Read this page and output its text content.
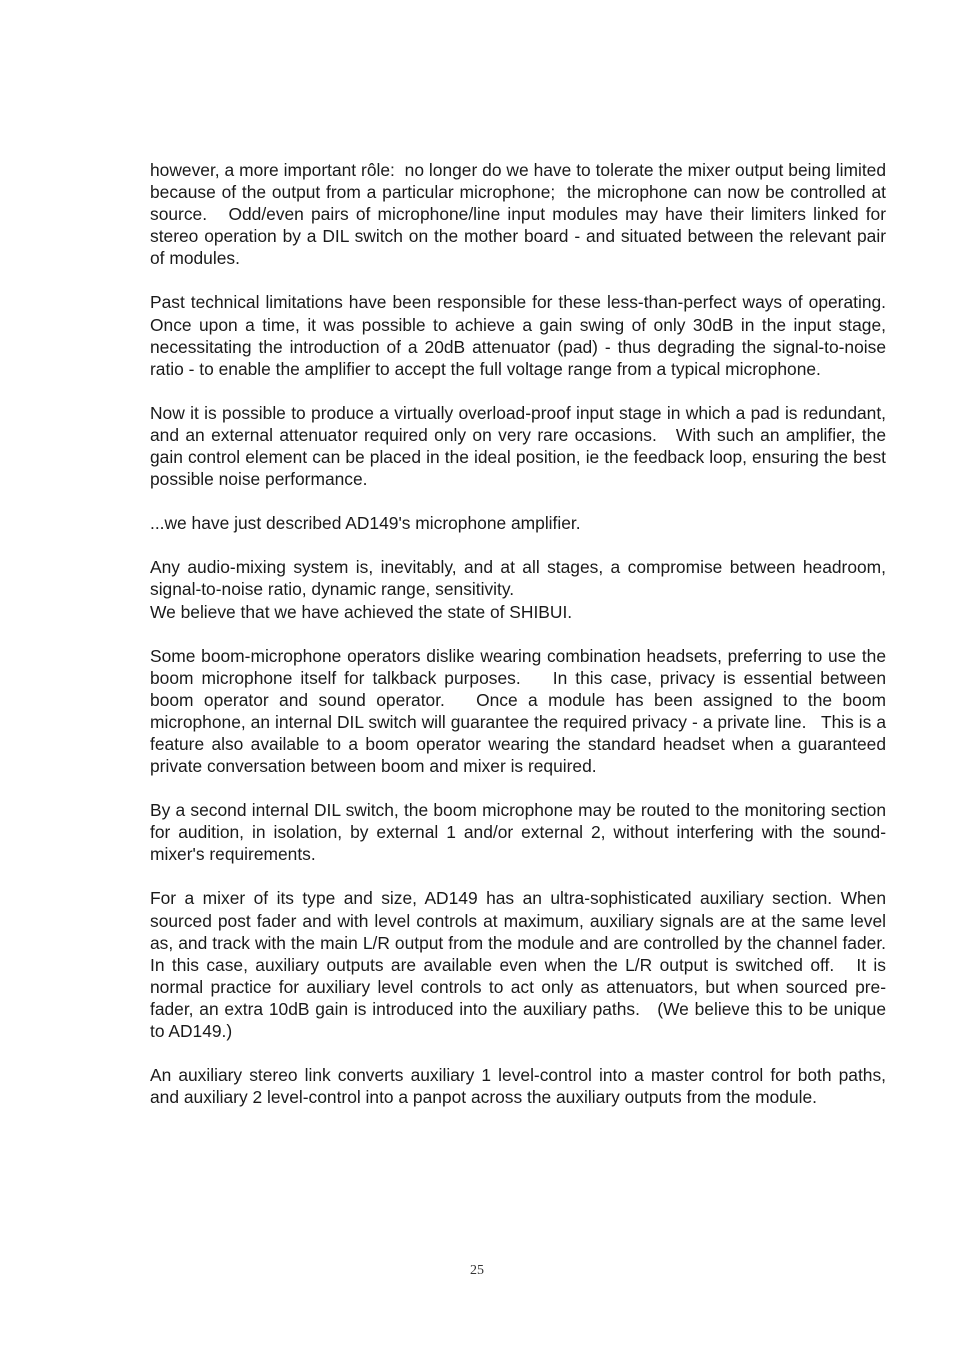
however, a more important rôle:  no longer do we have to tolerate the mixer output being limited because of the output from a particular microphone;  the microphone can now be controlled at source.   Odd/even pairs of microphone/line input modules may have their limiters linked for stereo operation by a DIL switch on the mother board - and situated between the relevant pair of modules.

Past technical limitations have been responsible for these less-than-perfect ways of operating.   Once upon a time, it was possible to achieve a gain swing of only 30dB in the input stage, necessitating the introduction of a 20dB attenuator (pad) - thus degrading the signal-to-noise ratio - to enable the amplifier to accept the full voltage range from a typical microphone.

Now it is possible to produce a virtually overload-proof input stage in which a pad is redundant, and an external attenuator required only on very rare occasions.   With such an amplifier, the gain control element can be placed in the ideal position, ie the feedback loop, ensuring the best possible noise performance.

...we have just described AD149's microphone amplifier.

Any audio-mixing system is, inevitably, and at all stages, a compromise between headroom, signal-to-noise ratio, dynamic range, sensitivity.

We believe that we have achieved the state of SHIBUI.

Some boom-microphone operators dislike wearing combination headsets, preferring to use the boom microphone itself for talkback purposes.    In this case, privacy is essential between boom operator and sound operator.   Once a module has been assigned to the boom microphone, an internal DIL switch will guarantee the required privacy - a private line.   This is a feature also available to a boom operator wearing the standard headset when a guaranteed private conversation between boom and mixer is required.

By a second internal DIL switch, the boom microphone may be routed to the monitoring section for audition, in isolation, by external 1 and/or external 2, without interfering with the sound-mixer's requirements.

For a mixer of its type and size, AD149 has an ultra-sophisticated auxiliary section. When sourced post fader and with level controls at maximum, auxiliary signals are at the same level as, and track with the main L/R output from the module and are controlled by the channel fader.  In this case, auxiliary outputs are available even when the L/R output is switched off.   It is normal practice for auxiliary level controls to act only as attenuators, but when sourced pre-fader, an extra 10dB gain is introduced into the auxiliary paths.   (We believe this to be unique to AD149.)

An auxiliary stereo link converts auxiliary 1 level-control into a master control for both paths, and auxiliary 2 level-control into a panpot across the auxiliary outputs from the module.

25
